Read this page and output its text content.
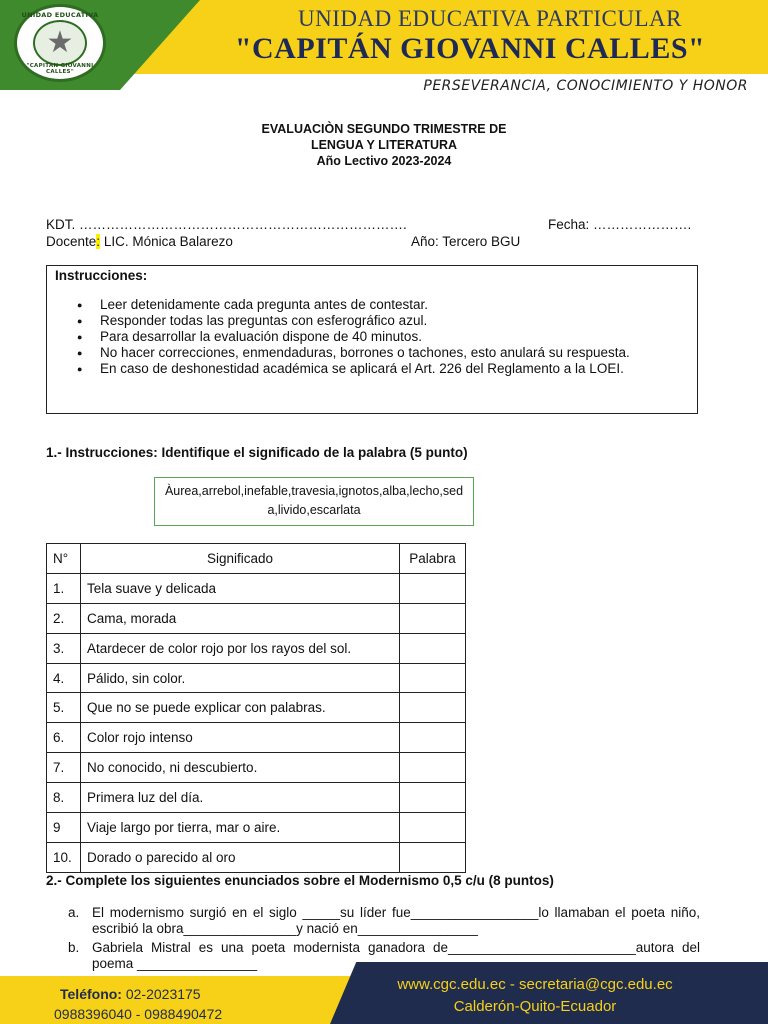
UNIDAD EDUCATIVA
★
"CAPITAN GIOVANNI CALLES"
UNIDAD EDUCATIVA PARTICULAR
"CAPITÁN GIOVANNI CALLES"
PERSEVERANCIA, CONOCIMIENTO Y HONOR
EVALUACIÒN SEGUNDO TRIMESTRE DE
LENGUA Y LITERATURA
Año Lectivo 2023-2024
KDT. ……………………………………………………………….	Fecha: ………………….
Docente: LIC. Mónica Balarezo	Año: Tercero BGU
Instrucciones:
● Leer detenidamente cada pregunta antes de contestar.
● Responder todas las preguntas con esferográfico azul.
● Para desarrollar la evaluación dispone de 40 minutos.
● No hacer correcciones, enmendaduras, borrones o tachones, esto anulará su respuesta.
● En caso de deshonestidad académica se aplicará el Art. 226 del Reglamento a la LOEI.
1.- Instrucciones: Identifique el significado de la palabra (5 punto)
Àurea,arrebol,inefable,travesia,ignotos,alba,lecho,seda,livido,escarlata
N°	Significado	Palabra
1.	Tela suave y delicada	
2.	Cama, morada	
3.	Atardecer de color rojo por los rayos del sol.	
4.	Pálido, sin color.	
5.	Que no se puede explicar con palabras.	
6.	Color rojo intenso	
7.	No conocido, ni descubierto.	
8.	Primera luz del día.	
9	Viaje largo por tierra, mar o aire.	
10.	Dorado o parecido al oro	
2.- Complete los siguientes enunciados sobre el Modernismo 0,5 c/u (8 puntos)
a. El modernismo surgió en el siglo _____su líder fue_________________lo llamaban el poeta niño, escribió la obra_______________y nació en________________
b. Gabriela Mistral es una poeta modernista ganadora de_________________________autora del poema ________________
Teléfono: 02-2023175
0988396040 - 0988490472
www.cgc.edu.ec - secretaria@cgc.edu.ec
Calderón-Quito-Ecuador
